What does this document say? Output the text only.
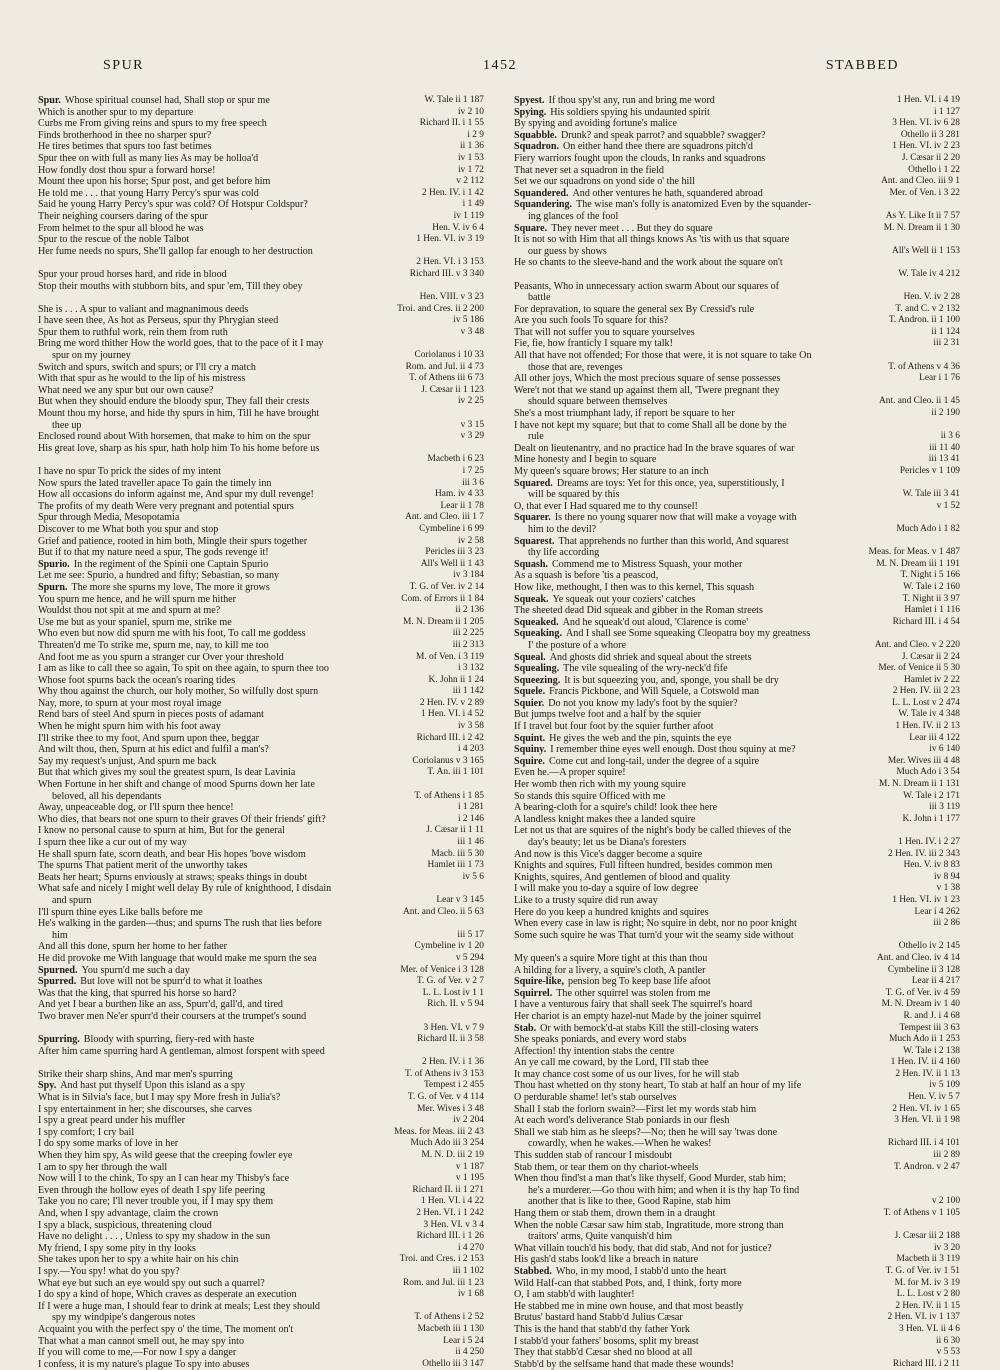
SPUR	1452	STABBED
Spur. Whose spiritual counsel had, Shall stop or spur me	W. Tale ii 1 187
Which is another spur to my departure	iv 2 10
Curbs me From giving reins and spurs to my free speech	Richard II. i 1 55
Finds brotherhood in thee no sharper spur?	i 2 9
He tires betimes that spurs too fast betimes	ii 1 36
Spur thee on with full as many lies As may be holloa'd	iv 1 53
How fondly dost thou spur a forward horse!	iv 1 72
Mount thee upon his horse; Spur post, and get before him	v 2 112
He told me . . . that young Harry Percy's spur was cold	2 Hen. IV. i 1 42
Said he young Harry Percy's spur was cold? Of Hotspur Coldspur?	i 1 49
Their neighing coursers daring of the spur	iv 1 119
From helmet to the spur all blood he was	Hen. V. iv 6 4
Spur to the rescue of the noble Talbot	1 Hen. VI. iv 3 19
Her fume needs no spurs, She'll gallop far enough to her destruction
2 Hen. VI. i 3 153
Spur your proud horses hard, and ride in blood	Richard III. v 3 340
Stop their mouths with stubborn bits, and spur 'em, Till they obey
Hen. VIII. v 3 23
She is . . . A spur to valiant and magnanimous deeds	Troi. and Cres. ii 2 200
I have seen thee, As hot as Perseus, spur thy Phrygian steed	iv 5 186
Spur them to ruthful work, rein them from ruth	v 3 48
Bring me word thither How the world goes, that to the pace of it I may
spur on my journey	Coriolanus i 10 33
Switch and spurs, switch and spurs; or I'll cry a match	Rom. and Jul. ii 4 73
With that spur as he would to the lip of his mistress	T. of Athens iii 6 73
What need we any spur but our own cause?	J. Cæsar ii 1 123
But when they should endure the bloody spur, They fall their crests	iv 2 25
Mount thou my horse, and hide thy spurs in him, Till he have brought
thee up	v 3 15
Enclosed round about With horsemen, that make to him on the spur	v 3 29
His great love, sharp as his spur, hath holp him To his home before us
Macbeth i 6 23
I have no spur To prick the sides of my intent	i 7 25
Now spurs the lated traveller apace To gain the timely inn	iii 3 6
How all occasions do inform against me, And spur my dull revenge!	Ham. iv 4 33
The profits of my death Were very pregnant and potential spurs	Lear ii 1 78
Spur through Media, Mesopotamia	Ant. and Cleo. iii 1 7
Discover to me What both you spur and stop	Cymbeline i 6 99
Grief and patience, rooted in him both, Mingle their spurs together	iv 2 58
But if to that my nature need a spur, The gods revenge it!	Pericles iii 3 23
Spurio. In the regiment of the Spinii one Captain Spurio	All's Well ii 1 43
Let me see: Spurio, a hundred and fifty; Sebastian, so many	iv 3 184
Spurn. The more she spurns my love, The more it grows	T. G. of Ver. iv 2 14
You spurn me hence, and he will spurn me hither	Com. of Errors ii 1 84
Wouldst thou not spit at me and spurn at me?	ii 2 136
Use me but as your spaniel, spurn me, strike me	M. N. Dream ii 1 205
Who even but now did spurn me with his foot, To call me goddess	iii 2 225
Threaten'd me To strike me, spurn me, nay, to kill me too	iii 2 313
And foot me as you spurn a stranger cur Over your threshold	M. of Ven. i 3 119
I am as like to call thee so again, To spit on thee again, to spurn thee too	i 3 132
Whose foot spurns back the ocean's roaring tides	K. John ii 1 24
Why thou against the church, our holy mother, So wilfully dost spurn	iii 1 142
Nay, more, to spurn at your most royal image	2 Hen. IV. v 2 89
Rend bars of steel And spurn in pieces posts of adamant	1 Hen. VI. i 4 52
When he might spurn him with his foot away	iv 3 58
I'll strike thee to my foot, And spurn upon thee, beggar	Richard III. i 2 42
And wilt thou, then, Spurn at his edict and fulfil a man's?	i 4 203
Say my request's unjust, And spurn me back	Coriolanus v 3 165
But that which gives my soul the greatest spurn, Is dear Lavinia	T. An. iii 1 101
When Fortune in her shift and change of mood Spurns down her late
beloved, all his dependants	T. of Athens i 1 85
Away, unpeaceable dog, or I'll spurn thee hence!	i 1 281
Who dies, that bears not one spurn to their graves Of their friends' gift?	i 2 146
I know no personal cause to spurn at him, But for the general	J. Cæsar ii 1 11
I spurn thee like a cur out of my way	iii 1 46
He shall spurn fate, scorn death, and bear His hopes 'bove wisdom	Macb. iii 5 30
The spurns That patient merit of the unworthy takes	Hamlet iii 1 73
Beats her heart; Spurns enviously at straws; speaks things in doubt	iv 5 6
What safe and nicely I might well delay By rule of knighthood, I disdain
and spurn	Lear v 3 145
I'll spurn thine eyes Like balls before me	Ant. and Cleo. ii 5 63
He's walking in the garden—thus; and spurns The rush that lies before
him	iii 5 17
And all this done, spurn her home to her father	Cymbeline iv 1 20
He did provoke me With language that would make me spurn the sea	v 5 294
Spurned. You spurn'd me such a day	Mer. of Venice i 3 128
Spurred. But love will not be spurr'd to what it loathes	T. G. of Ver. v 2 7
Was that the king, that spurred his horse so hard?	L. L. Lost iv 1 1
And yet I bear a burthen like an ass, Spurr'd, gall'd, and tired	Rich. II. v 5 94
Two braver men Ne'er spurr'd their coursers at the trumpet's sound
3 Hen. VI. v 7 9
Spurring. Bloody with spurring, fiery-red with haste	Richard II. ii 3 58
After him came spurring hard A gentleman, almost forspent with speed
2 Hen. IV. i 1 36
Strike their sharp shins, And mar men's spurring	T. of Athens iv 3 153
Spy. And hast put thyself Upon this island as a spy	Tempest i 2 455
What is in Silvia's face, but I may spy More fresh in Julia's?	T. G. of Ver. v 4 114
I spy entertainment in her; she discourses, she carves	Mer. Wives i 3 48
I spy a great peard under his muffler	iv 2 204
I spy comfort; I cry bail	Meas. for Meas. iii 2 43
I do spy some marks of love in her	Much Ado iii 3 254
When they him spy, As wild geese that the creeping fowler eye	M. N. D. iii 2 19
I am to spy her through the wall	v 1 187
Now will I to the chink, To spy an I can hear my Thisby's face	v 1 195
Even through the hollow eyes of death I spy life peering	Richard II. ii 1 271
Take you no care; I'll never trouble you, if I may spy them	1 Hen. VI. i 4 22
And, when I spy advantage, claim the crown	2 Hen. VI. i 1 242
I spy a black, suspicious, threatening cloud	3 Hen. VI. v 3 4
Have no delight . . . , Unless to spy my shadow in the sun	Richard III. i 1 26
My friend, I spy some pity in thy looks	i 4 270
She takes upon her to spy a white hair on his chin	Troi. and Cres. i 2 153
I spy.—You spy! what do you spy?	iii 1 102
What eye but such an eye would spy out such a quarrel?	Rom. and Jul. iii 1 23
I do spy a kind of hope, Which craves as desperate an execution	iv 1 68
If I were a huge man, I should fear to drink at meals; Lest they should
spy my windpipe's dangerous notes	T. of Athens i 2 52
Acquaint you with the perfect spy o' the time, The moment on't	Macbeth iii 1 130
That what a man cannot smell out, he may spy into	Lear i 5 24
If you will come to me,—For now I spy a danger	ii 4 250
I confess, it is my nature's plague To spy into abuses	Othello iii 3 147
Spyest. If thou spy'st any, run and bring me word	1 Hen. VI. i 4 19
Spying. His soldiers spying his undaunted spirit	i 1 127
By spying and avoiding fortune's malice	3 Hen. VI. iv 6 28
Squabble. Drunk? and speak parrot? and squabble? swagger?	Othello ii 3 281
Squadron. On either hand thee there are squadrons pitch'd	1 Hen. VI. iv 2 23
Fiery warriors fought upon the clouds, In ranks and squadrons	J. Cæsar ii 2 20
That never set a squadron in the field	Othello i 1 22
Set we our squadrons on yond side o' the hill	Ant. and Cleo. iii 9 1
Squandered. And other ventures he hath, squandered abroad	Mer. of Ven. i 3 22
Squandering. The wise man's folly is anatomized Even by the squander-
ing glances of the fool	As Y. Like It ii 7 57
Square. They never meet . . . But they do square	M. N. Dream ii 1 30
It is not so with Him that all things knows As 'tis with us that square
our guess by shows	All's Well ii 1 153
He so chants to the sleeve-hand and the work about the square on't
W. Tale iv 4 212
Peasants, Who in unnecessary action swarm About our squares of
battle	Hen. V. iv 2 28
For depravation, to square the general sex By Cressid's rule	T. and C. v 2 132
Are you such fools To square for this?	T. Andron. ii 1 100
That will not suffer you to square yourselves	ii 1 124
Fie, fie, how franticly I square my talk!	iii 2 31
All that have not offended; For those that were, it is not square to take On
those that are, revenges	T. of Athens v 4 36
All other joys, Which the most precious square of sense possesses	Lear i 1 76
Were't not that we stand up against them all, 'Twere pregnant they
should square between themselves	Ant. and Cleo. ii 1 45
She's a most triumphant lady, if report be square to her	ii 2 190
I have not kept my square; but that to come Shall all be done by the
rule	ii 3 6
Dealt on lieutenantry, and no practice had In the brave squares of war	iii 11 40
Mine honesty and I begin to square	iii 13 41
My queen's square brows; Her stature to an inch	Pericles v 1 109
Squared. Dreams are toys: Yet for this once, yea, superstitiously, I
will be squared by this	W. Tale iii 3 41
O, that ever I Had squared me to thy counsel!	v 1 52
Squarer. Is there no young squarer now that will make a voyage with
him to the devil?	Much Ado i 1 82
Squarest. That apprehends no further than this world, And squarest
thy life according	Meas. for Meas. v 1 487
Squash. Commend me to Mistress Squash, your mother	M. N. Dream iii 1 191
As a squash is before 'tis a peascod,	T. Night i 5 166
How like, methought, I then was to this kernel, This squash	W. Tale i 2 160
Squeak. Ye squeak out your coziers' catches	T. Night ii 3 97
The sheeted dead Did squeak and gibber in the Roman streets	Hamlet i 1 116
Squeaked. And he squeak'd out aloud, 'Clarence is come'	Richard III. i 4 54
Squeaking. And I shall see Some squeaking Cleopatra boy my greatness
I' the posture of a whore	Ant. and Cleo. v 2 220
Squeal. And ghosts did shriek and squeal about the streets	J. Cæsar ii 2 24
Squealing. The vile squealing of the wry-neck'd fife	Mer. of Venice ii 5 30
Squeezing. It is but squeezing you, and, sponge, you shall be dry	Hamlet iv 2 22
Squele. Francis Pickbone, and Will Squele, a Cotswold man	2 Hen. IV. iii 2 23
Squier. Do not you know my lady's foot by the squier?	L. L. Lost v 2 474
But jumps twelve foot and a half by the squier	W. Tale iv 4 348
If I travel but four foot by the squier further afoot	1 Hen. IV. ii 2 13
Squint. He gives the web and the pin, squints the eye	Lear iii 4 122
Squiny. I remember thine eyes well enough. Dost thou squiny at me?	iv 6 140
Squire. Come cut and long-tail, under the degree of a squire	Mer. Wives iii 4 48
Even he.—A proper squire!	Much Ado i 3 54
Her womb then rich with my young squire	M. N. Dream ii 1 131
So stands this squire Officed with me	W. Tale i 2 171
A bearing-cloth for a squire's child! look thee here	iii 3 119
A landless knight makes thee a landed squire	K. John i 1 177
Let not us that are squires of the night's body be called thieves of the
day's beauty; let us be Diana's foresters	1 Hen. IV. i 2 27
And now is this Vice's dagger become a squire	2 Hen. IV. iii 2 343
Knights and squires, Full fifteen hundred, besides common men	Hen. V. iv 8 83
Knights, squires, And gentlemen of blood and quality	iv 8 94
I will make you to-day a squire of low degree	v 1 38
Like to a trusty squire did run away	1 Hen. VI. iv 1 23
Here do you keep a hundred knights and squires	Lear i 4 262
When every case in law is right; No squire in debt, nor no poor knight	iii 2 86
Some such squire he was That turn'd your wit the seamy side without
Othello iv 2 145
My queen's a squire More tight at this than thou	Ant. and Cleo. iv 4 14
A hilding for a livery, a squire's cloth, A pantler	Cymbeline ii 3 128
Squire-like, pension beg To keep base life afoot	Lear ii 4 217
Squirrel. The other squirrel was stolen from me	T. G. of Ver. iv 4 59
I have a venturous fairy that shall seek The squirrel's hoard	M. N. Dream iv 1 40
Her chariot is an empty hazel-nut Made by the joiner squirrel	R. and J. i 4 68
Stab. Or with bemock'd-at stabs Kill the still-closing waters	Tempest iii 3 63
She speaks poniards, and every word stabs	Much Ado ii 1 253
Affection! thy intention stabs the centre	W. Tale i 2 138
An ye call me coward, by the Lord, I'll stab thee	1 Hen. IV. ii 4 160
It may chance cost some of us our lives, for he will stab	2 Hen. IV. ii 1 13
Thou hast whetted on thy stony heart, To stab at half an hour of my life	iv 5 109
O perdurable shame! let's stab ourselves	Hen. V. iv 5 7
Shall I stab the forlorn swain?—First let my words stab him	2 Hen. VI. iv 1 65
At each word's deliverance Stab poniards in our flesh	3 Hen. VI. ii 1 98
Shall we stab him as he sleeps?—No; then he will say 'twas done
cowardly, when he wakes.—When he wakes!	Richard III. i 4 101
This sudden stab of rancour I misdoubt	iii 2 89
Stab them, or tear them on thy chariot-wheels	T. Andron. v 2 47
When thou find'st a man that's like thyself, Good Murder, stab him;
he's a murderer.—Go thou with him; and when it is thy hap To find
another that is like to thee, Good Rapine, stab him	v 2 100
Hang them or stab them, drown them in a draught	T. of Athens v 1 105
When the noble Cæsar saw him stab, Ingratitude, more strong than
traitors' arms, Quite vanquish'd him	J. Cæsar iii 2 188
What villain touch'd his body, that did stab, And not for justice?	iv 3 20
His gash'd stabs look'd like a breach in nature	Macbeth ii 3 119
Stabbed. Who, in my mood, I stabb'd unto the heart	T. G. of Ver. iv 1 51
Wild Half-can that stabbed Pots, and, I think, forty more	M. for M. iv 3 19
O, I am stabb'd with laughter!	L. L. Lost v 2 80
He stabbed me in mine own house, and that most beastly	2 Hen. IV. ii 1 15
Brutus' bastard hand Stabb'd Julius Cæsar	2 Hen. VI. iv 1 137
This is the hand that stabb'd thy father York	3 Hen. VI. ii 4 6
I stabb'd your fathers' bosoms, split my breast	ii 6 30
They that stabb'd Cæsar shed no blood at all	v 5 53
Stabb'd by the selfsame hand that made these wounds!	Richard III. i 2 11
